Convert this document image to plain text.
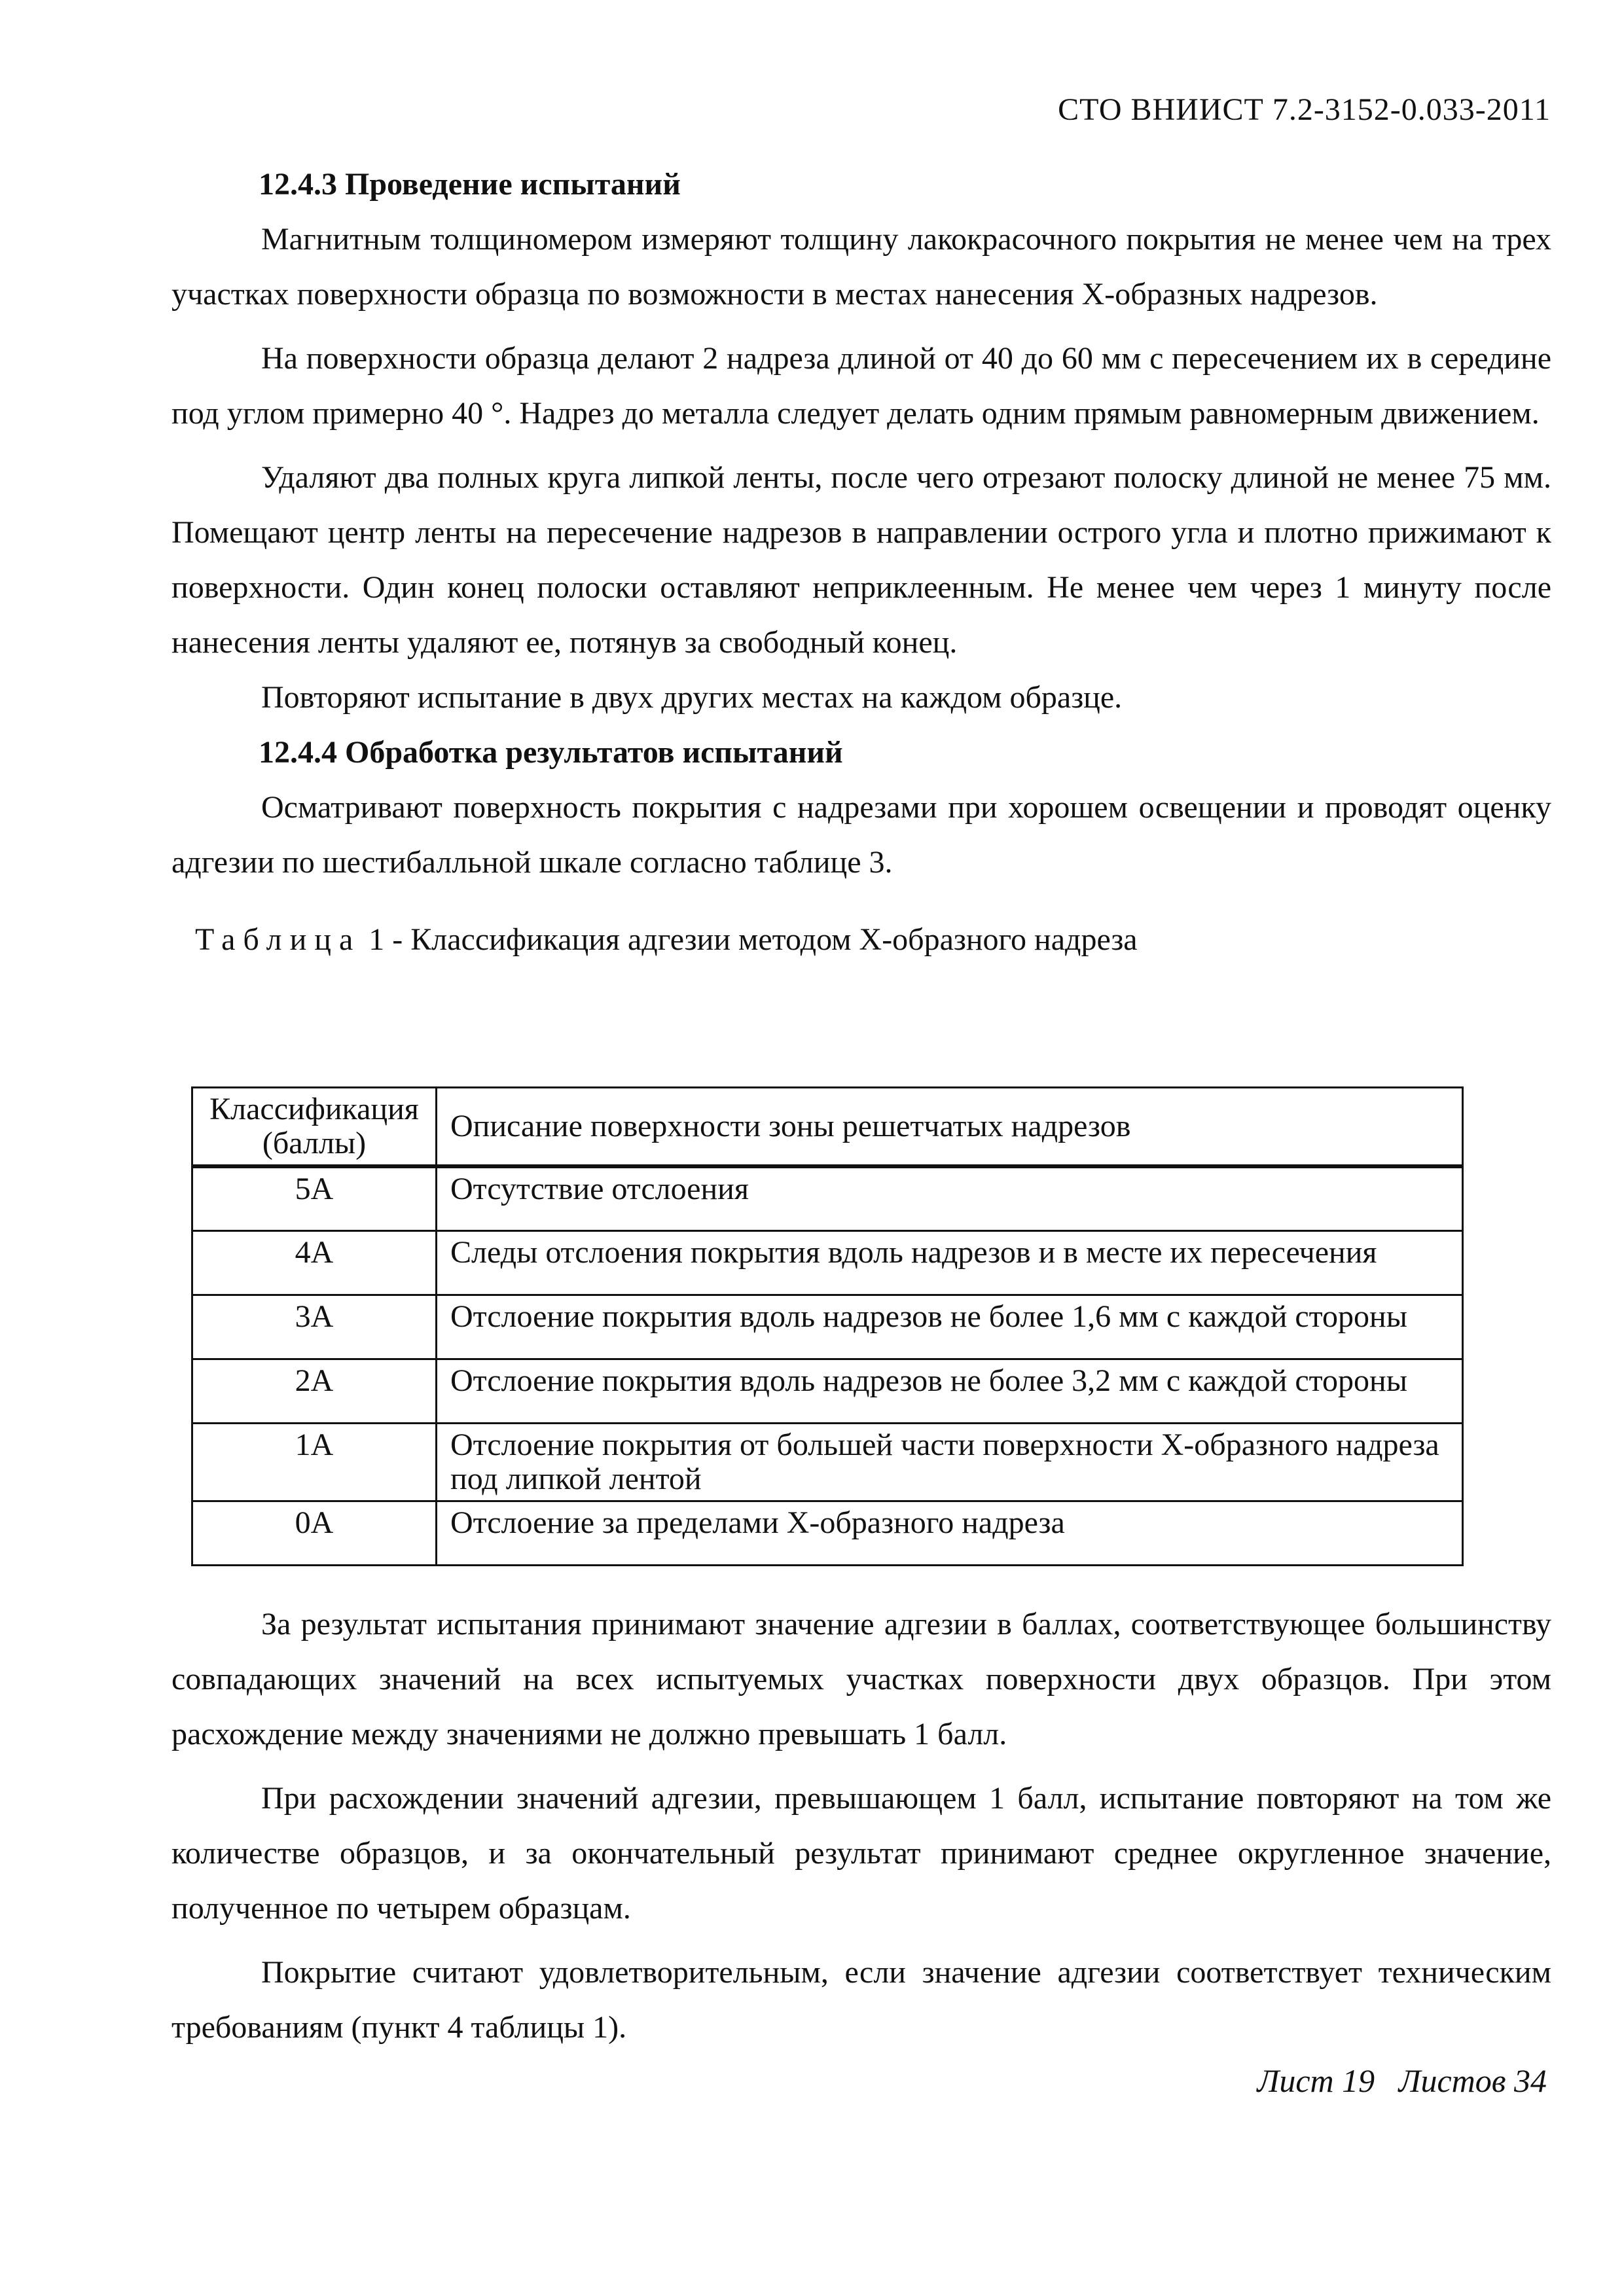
СТО ВНИИСТ 7.2-3152-0.033-2011

12.4.3 Проведение испытаний

Магнитным толщиномером измеряют толщину лакокрасочного покрытия не менее чем на трех участках поверхности образца по возможности в местах нанесения Х-образных надрезов.

На поверхности образца делают 2 надреза длиной от 40 до 60 мм с пересечением их в середине под углом примерно 40 °. Надрез до металла следует делать одним прямым равномерным движением.

Удаляют два полных круга липкой ленты, после чего отрезают полоску длиной не менее 75 мм. Помещают центр ленты на пересечение надрезов в направлении острого угла и плотно прижимают к поверхности. Один конец полоски оставляют неприклеенным. Не менее чем через 1 минуту после нанесения ленты удаляют ее, потянув за свободный конец.

Повторяют испытание в двух других местах на каждом образце.

12.4.4 Обработка результатов испытаний

Осматривают поверхность покрытия с надрезами при хорошем освещении и проводят оценку адгезии по шестибалльной шкале согласно таблице 3.

Таблица 1 - Классификация адгезии методом Х-образного надреза

Классификация (баллы)	Описание поверхности зоны решетчатых надрезов
5А	Отсутствие отслоения
4А	Следы отслоения покрытия вдоль надрезов и в месте их пересечения
3А	Отслоение покрытия вдоль надрезов не более 1,6 мм с каждой стороны
2А	Отслоение покрытия вдоль надрезов не более 3,2 мм с каждой стороны
1А	Отслоение покрытия от большей части поверхности Х-образного надреза под липкой лентой
0А	Отслоение за пределами Х-образного надреза

За результат испытания принимают значение адгезии в баллах, соответствующее большинству совпадающих значений на всех испытуемых участках поверхности двух образцов. При этом расхождение между значениями не должно превышать 1 балл.

При расхождении значений адгезии, превышающем 1 балл, испытание повторяют на том же количестве образцов, и за окончательный результат принимают среднее округленное значение, полученное по четырем образцам.

Покрытие считают удовлетворительным, если значение адгезии соответствует техническим требованиям (пункт 4 таблицы 1).

Лист 19 Листов 34
